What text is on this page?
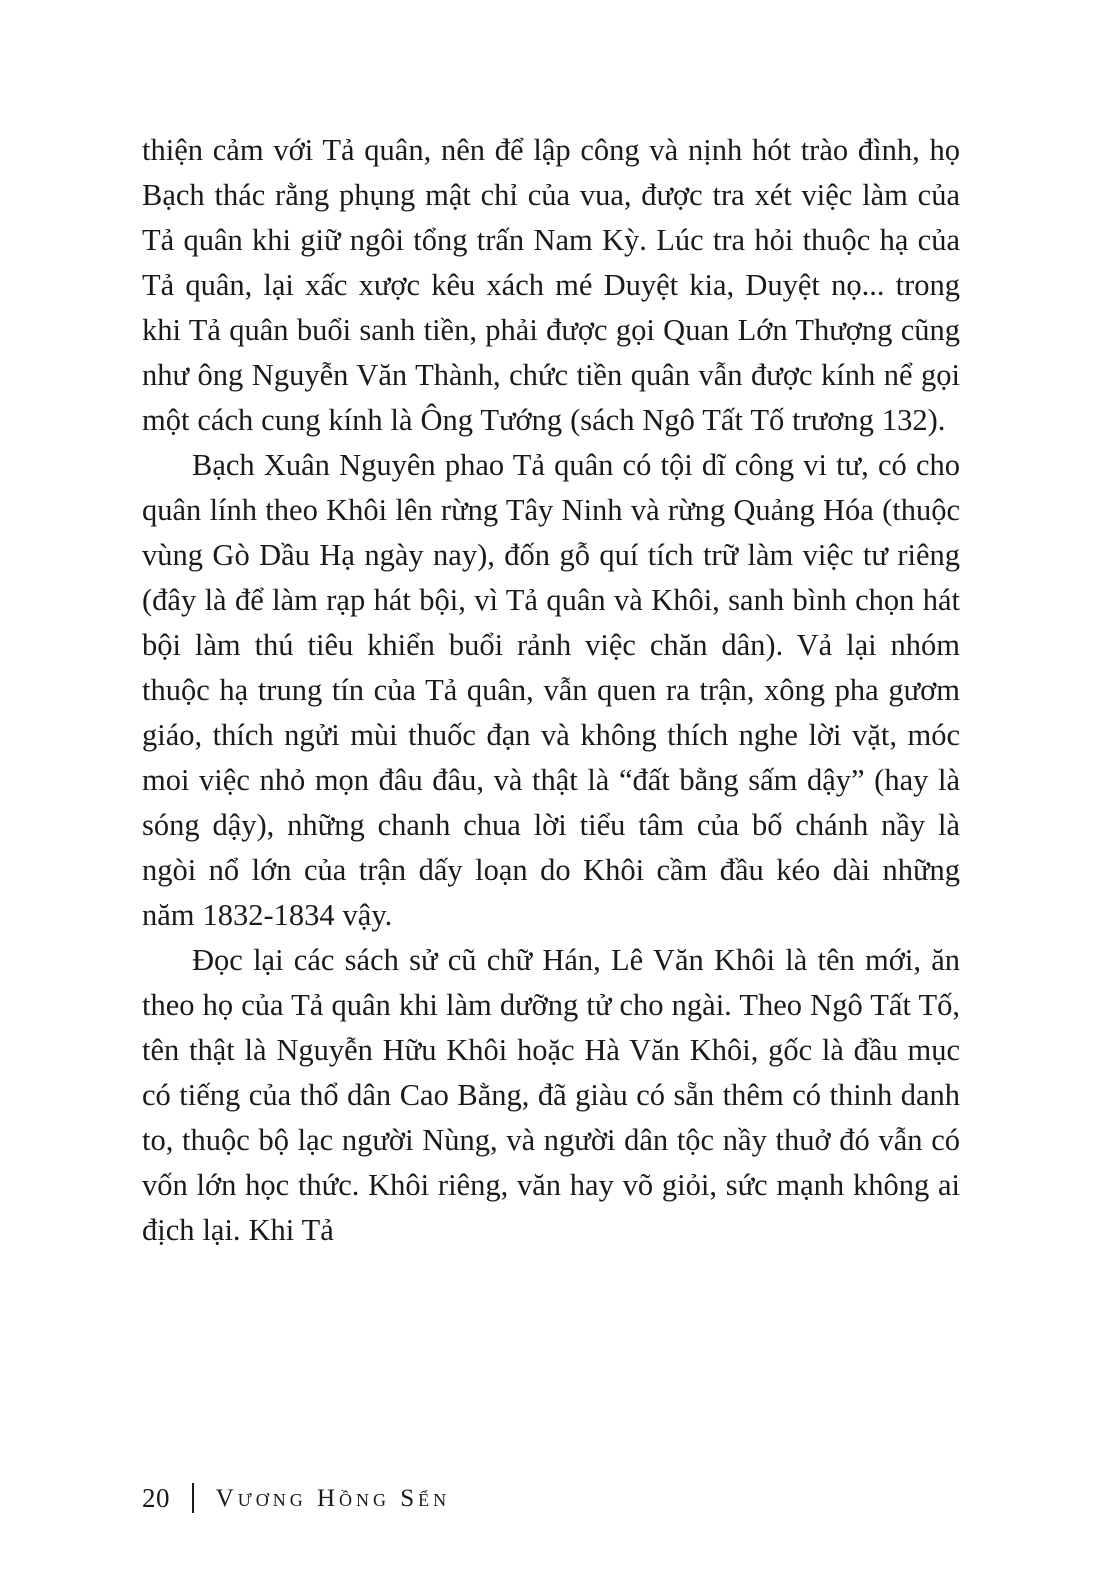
thiện cảm với Tả quân, nên để lập công và nịnh hót trào đình, họ Bạch thác rằng phụng mật chỉ của vua, được tra xét việc làm của Tả quân khi giữ ngôi tổng trấn Nam Kỳ. Lúc tra hỏi thuộc hạ của Tả quân, lại xấc xược kêu xách mé Duyệt kia, Duyệt nọ... trong khi Tả quân buổi sanh tiền, phải được gọi Quan Lớn Thượng cũng như ông Nguyễn Văn Thành, chức tiền quân vẫn được kính nể gọi một cách cung kính là Ông Tướng (sách Ngô Tất Tố trương 132).

Bạch Xuân Nguyên phao Tả quân có tội dĩ công vi tư, có cho quân lính theo Khôi lên rừng Tây Ninh và rừng Quảng Hóa (thuộc vùng Gò Dầu Hạ ngày nay), đốn gỗ quí tích trữ làm việc tư riêng (đây là để làm rạp hát bội, vì Tả quân và Khôi, sanh bình chọn hát bội làm thú tiêu khiển buổi rảnh việc chăn dân). Vả lại nhóm thuộc hạ trung tín của Tả quân, vẫn quen ra trận, xông pha gươm giáo, thích ngửi mùi thuốc đạn và không thích nghe lời vặt, móc moi việc nhỏ mọn đâu đâu, và thật là “đất bằng sấm dậy” (hay là sóng dậy), những chanh chua lời tiểu tâm của bố chánh nầy là ngòi nổ lớn của trận dấy loạn do Khôi cầm đầu kéo dài những năm 1832-1834 vậy.

Đọc lại các sách sử cũ chữ Hán, Lê Văn Khôi là tên mới, ăn theo họ của Tả quân khi làm dưỡng tử cho ngài. Theo Ngô Tất Tố, tên thật là Nguyễn Hữu Khôi hoặc Hà Văn Khôi, gốc là đầu mục có tiếng của thổ dân Cao Bằng, đã giàu có sẵn thêm có thinh danh to, thuộc bộ lạc người Nùng, và người dân tộc nầy thuở đó vẫn có vốn lớn học thức. Khôi riêng, văn hay võ giỏi, sức mạnh không ai địch lại. Khi Tả

20 Vương Hồng Sển
